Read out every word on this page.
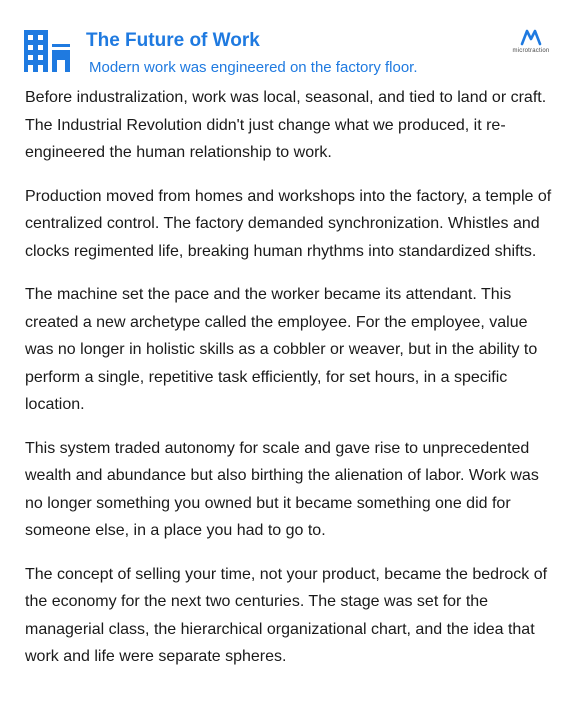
The Future of Work
Modern work was engineered on the factory floor.
microtraction

Before industralization, work was local, seasonal, and tied to land or craft. The Industrial Revolution didn't just change what we produced, it re-engineered the human relationship to work.

Production moved from homes and workshops into the factory, a temple of centralized control. The factory demanded synchronization. Whistles and clocks regimented life, breaking human rhythms into standardized shifts.

The machine set the pace and the worker became its attendant. This created a new archetype called the employee. For the employee, value was no longer in holistic skills as a cobbler or weaver, but in the ability to perform a single, repetitive task efficiently, for set hours, in a specific location.

This system traded autonomy for scale and gave rise to unprecedented wealth and abundance but also birthing the alienation of labor. Work was no longer something you owned but it became something one did for someone else, in a place you had to go to.

The concept of selling your time, not your product, became the bedrock of the economy for the next two centuries. The stage was set for the managerial class, the hierarchical organizational chart, and the idea that work and life were separate spheres.
